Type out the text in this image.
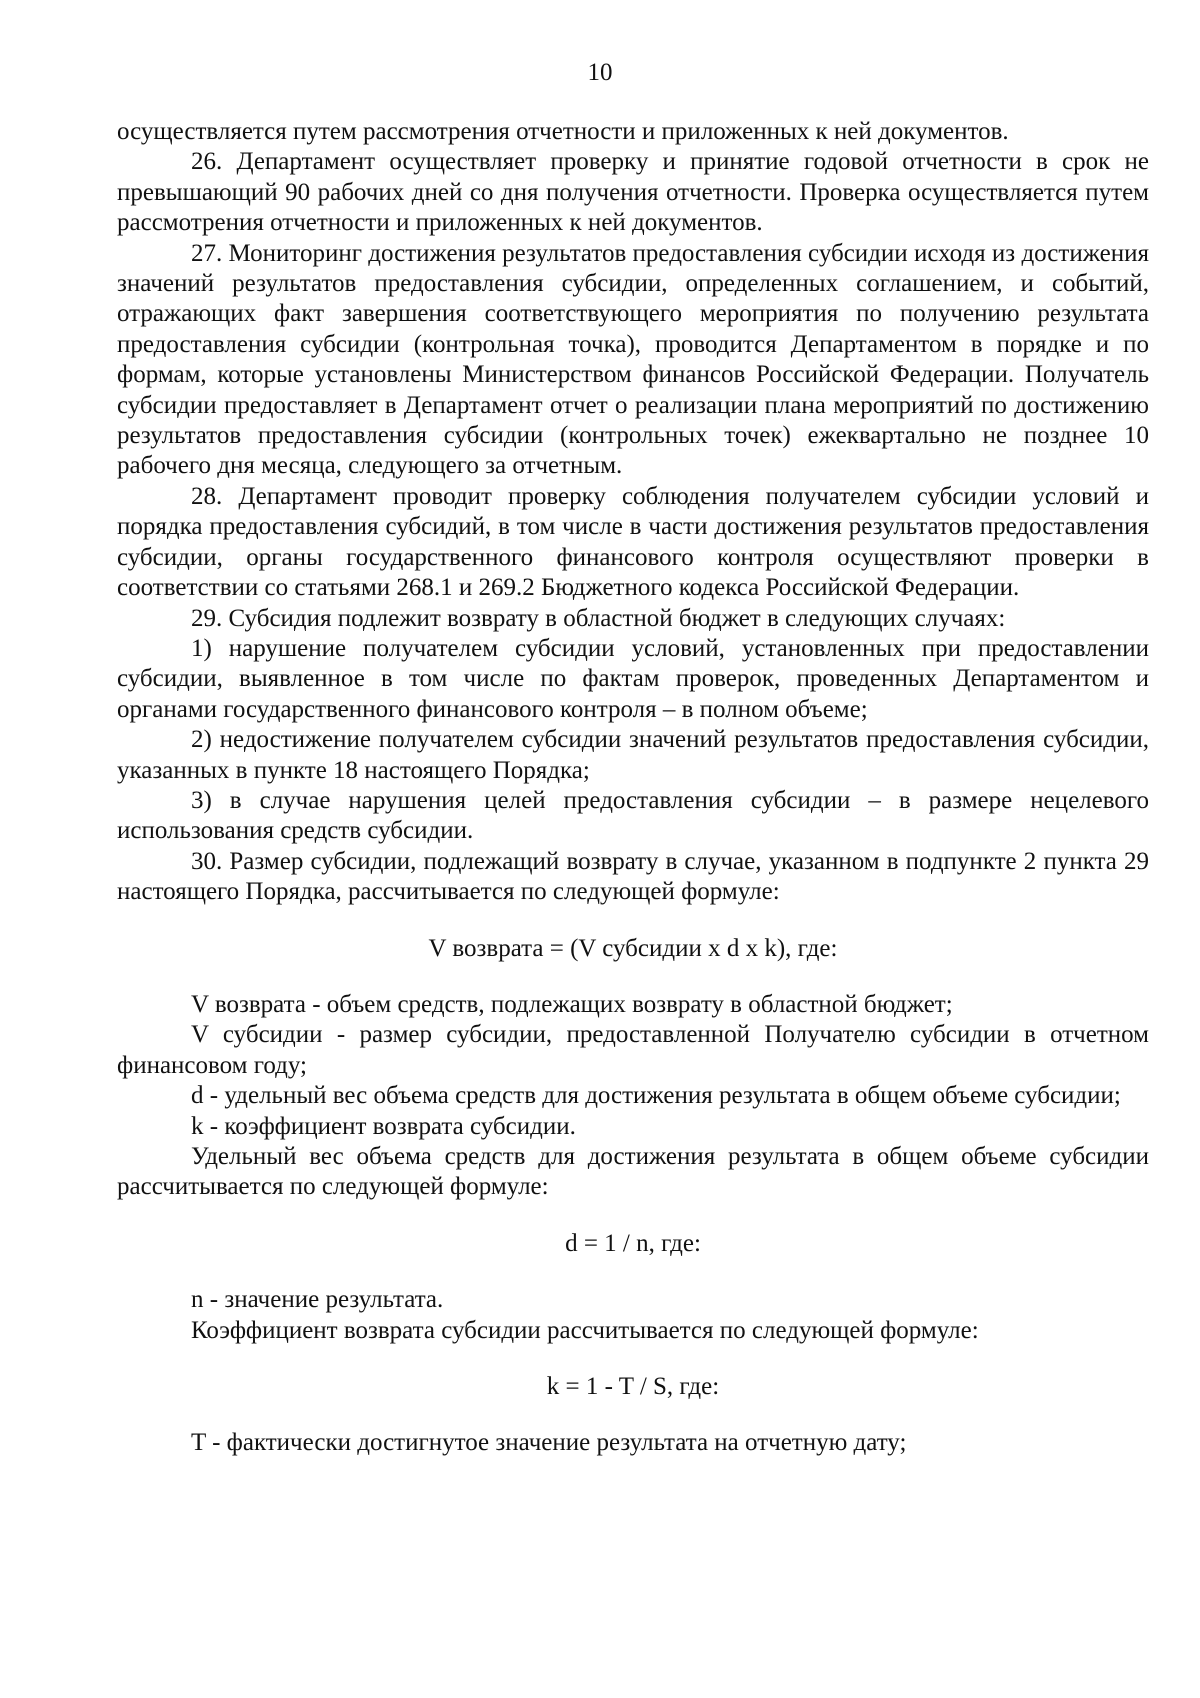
10

осуществляется путем рассмотрения отчетности и приложенных к ней документов.

26. Департамент осуществляет проверку и принятие годовой отчетности в срок не превышающий 90 рабочих дней со дня получения отчетности. Проверка осуществляется путем рассмотрения отчетности и приложенных к ней документов.

27. Мониторинг достижения результатов предоставления субсидии исходя из достижения значений результатов предоставления субсидии, определенных соглашением, и событий, отражающих факт завершения соответствующего мероприятия по получению результата предоставления субсидии (контрольная точка), проводится Департаментом в порядке и по формам, которые установлены Министерством финансов Российской Федерации. Получатель субсидии предоставляет в Департамент отчет о реализации плана мероприятий по достижению результатов предоставления субсидии (контрольных точек) ежеквартально не позднее 10 рабочего дня месяца, следующего за отчетным.

28. Департамент проводит проверку соблюдения получателем субсидии условий и порядка предоставления субсидий, в том числе в части достижения результатов предоставления субсидии, органы государственного финансового контроля осуществляют проверки в соответствии со статьями 268.1 и 269.2 Бюджетного кодекса Российской Федерации.

29. Субсидия подлежит возврату в областной бюджет в следующих случаях:

1) нарушение получателем субсидии условий, установленных при предоставлении субсидии, выявленное в том числе по фактам проверок, проведенных Департаментом и органами государственного финансового контроля – в полном объеме;

2) недостижение получателем субсидии значений результатов предоставления субсидии, указанных в пункте 18 настоящего Порядка;

3) в случае нарушения целей предоставления субсидии – в размере нецелевого использования средств субсидии.

30. Размер субсидии, подлежащий возврату в случае, указанном в подпункте 2 пункта 29 настоящего Порядка, рассчитывается по следующей формуле:

V возврата = (V субсидии x d x k), где:

V возврата - объем средств, подлежащих возврату в областной бюджет;

V субсидии - размер субсидии, предоставленной Получателю субсидии в отчетном финансовом году;

d - удельный вес объема средств для достижения результата в общем объеме субсидии;

k - коэффициент возврата субсидии.

Удельный вес объема средств для достижения результата в общем объеме субсидии рассчитывается по следующей формуле:

d = 1 / n, где:

n - значение результата.

Коэффициент возврата субсидии рассчитывается по следующей формуле:

k = 1 - T / S, где:

T - фактически достигнутое значение результата на отчетную дату;
